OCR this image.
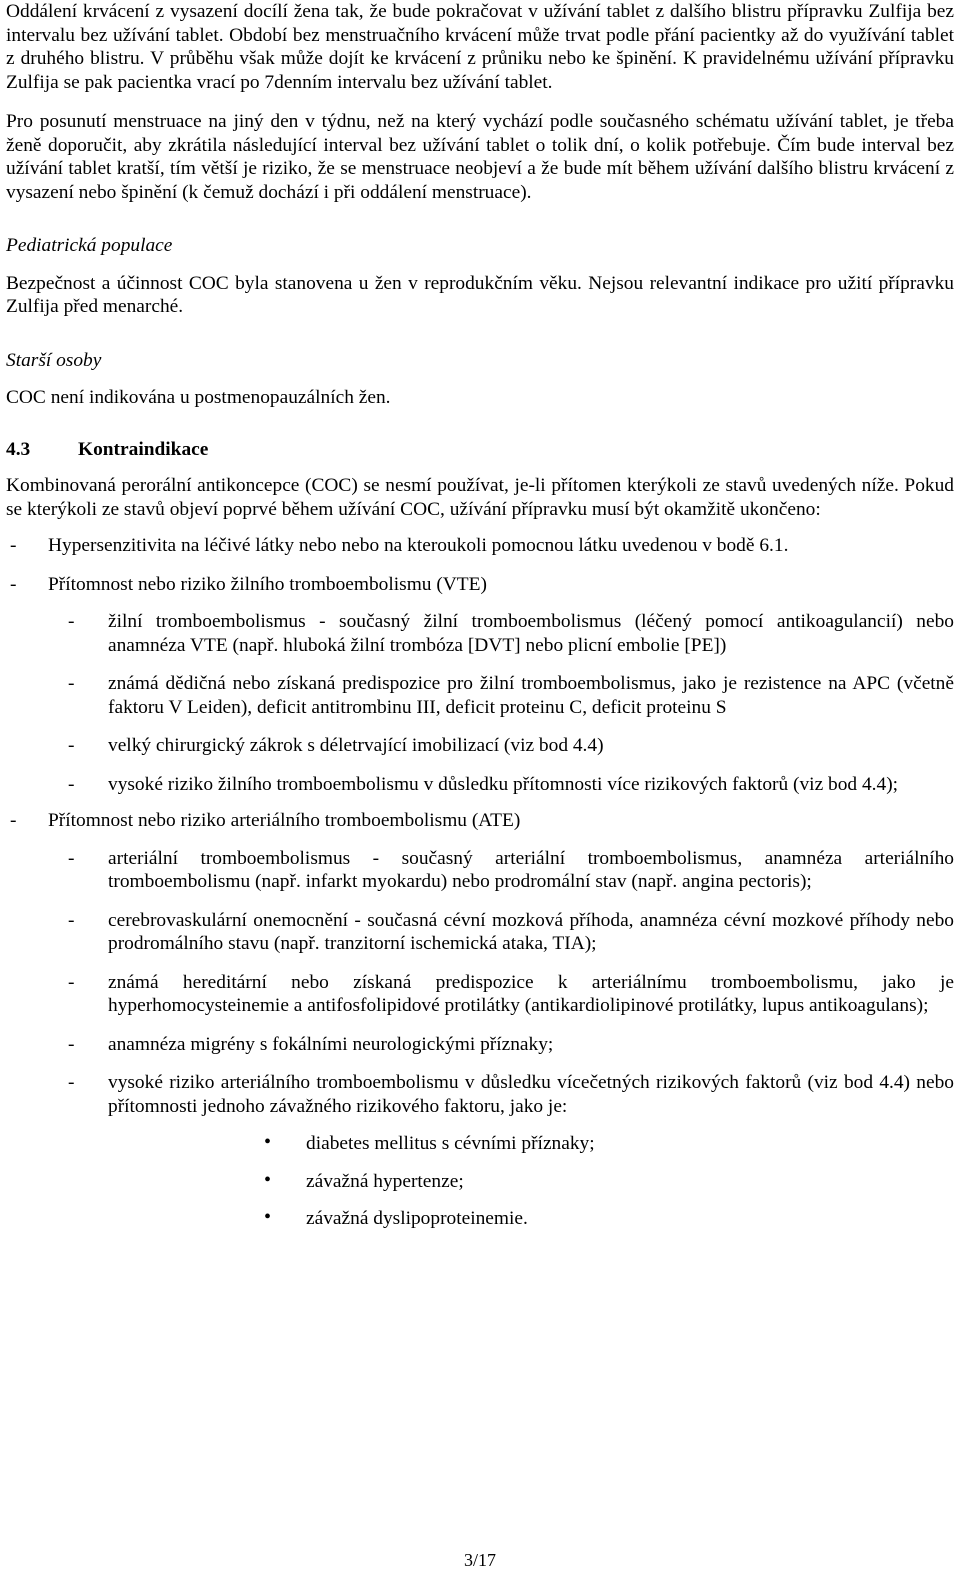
Oddálení krvácení z vysazení docílí žena tak, že bude pokračovat v užívání tablet z dalšího blistru přípravku Zulfija bez intervalu bez užívání tablet. Období bez menstruačního krvácení může trvat podle přání pacientky až do využívání tablet z druhého blistru. V průběhu však může dojít ke krvácení z průniku nebo ke špinění. K pravidelnému užívání přípravku Zulfija se pak pacientka vrací po 7denním intervalu bez užívání tablet.

Pro posunutí menstruace na jiný den v týdnu, než na který vychází podle současného schématu užívání tablet, je třeba ženě doporučit, aby zkrátila následující interval bez užívání tablet o tolik dní, o kolik potřebuje. Čím bude interval bez užívání tablet kratší, tím větší je riziko, že se menstruace neobjeví a že bude mít během užívání dalšího blistru krvácení z vysazení nebo špinění (k čemuž dochází i při oddálení menstruace).

Pediatrická populace

Bezpečnost a účinnost COC byla stanovena u žen v reprodukčním věku. Nejsou relevantní indikace pro užití přípravku Zulfija před menarché.

Starší osoby

COC není indikována u postmenopauzálních žen.

4.3 Kontraindikace

Kombinovaná perorální antikoncepce (COC) se nesmí používat, je-li přítomen kterýkoli ze stavů uvedených níže. Pokud se kterýkoli ze stavů objeví poprvé během užívání COC, užívání přípravku musí být okamžitě ukončeno:

- Hypersenzitivita na léčivé látky nebo nebo na kteroukoli pomocnou látku uvedenou v bodě 6.1.
- Přítomnost nebo riziko žilního tromboembolismu (VTE)
- žilní tromboembolismus - současný žilní tromboembolismus (léčený pomocí antikoagulancií) nebo anamnéza VTE (např. hluboká žilní trombóza [DVT] nebo plicní embolie [PE])
- známá dědičná nebo získaná predispozice pro žilní tromboembolismus, jako je rezistence na APC (včetně faktoru V Leiden), deficit antitrombinu III, deficit proteinu C, deficit proteinu S
- velký chirurgický zákrok s déletrvající imobilizací (viz bod 4.4)
- vysoké riziko žilního tromboembolismu v důsledku přítomnosti více rizikových faktorů (viz bod 4.4);
- Přítomnost nebo riziko arteriálního tromboembolismu (ATE)
- arteriální tromboembolismus - současný arteriální tromboembolismus, anamnéza arteriálního tromboembolismu (např. infarkt myokardu) nebo prodromální stav (např. angina pectoris);
- cerebrovaskulární onemocnění - současná cévní mozková příhoda, anamnéza cévní mozkové příhody nebo prodromálního stavu (např. tranzitorní ischemická ataka, TIA);
- známá hereditární nebo získaná predispozice k arteriálnímu tromboembolismu, jako je hyperhomocysteinemie a antifosfolipidové protilátky (antikardiolipinové protilátky, lupus antikoagulans);
- anamnéza migrény s fokálními neurologickými příznaky;
- vysoké riziko arteriálního tromboembolismu v důsledku vícečetných rizikových faktorů (viz bod 4.4) nebo přítomnosti jednoho závažného rizikového faktoru, jako je:
• diabetes mellitus s cévními příznaky;
• závažná hypertenze;
• závažná dyslipoproteinemie.
3/17
